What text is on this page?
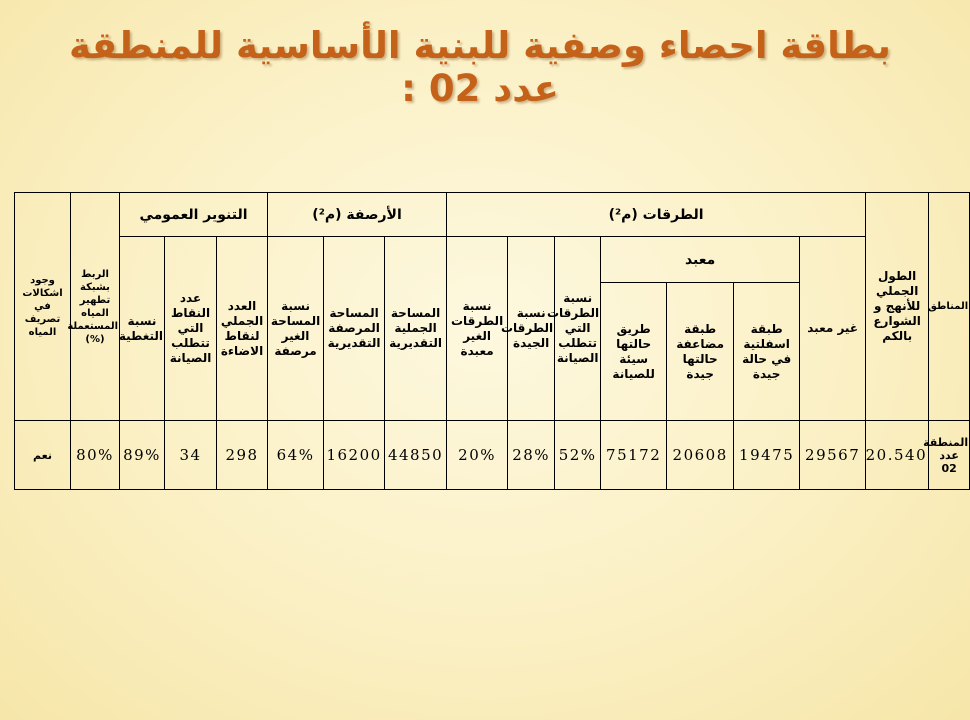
بطاقة احصاء وصفية للبنية الأساسية للمنطقة عدد 02 :
المناطق	الطول الجملي للأنهج و الشوارع بالكم	الطرقات (م²)							الأرصفة (م²)			التنوير العمومي			الربط بشبكة تطهير المياه المستعملة (%)	وجود اشكالات في تصريف المياه
		غير معبد	معبد			نسبة الطرقات التي تتطلب الصيانة	نسبة الطرقات الجيدة	نسبة الطرقات الغير معبدة	المساحة الجملية التقديرية	المساحة المرصفة التقديرية	نسبة المساحة الغير مرصفة	العدد الجملي لنقاط الاضاءة	عدد النقاط التي تتطلب الصيانة	نسبة التغطية		
			طبقة اسفلتية في حالة جيدة	طبقة مضاعفة حالتها جيدة	طريق حالتها سيئة للصيانة											
المنطقة عدد 02	20.540	29567	19475	20608	75172	52%	28%	20%	44850	16200	64%	298	34	89%	80%	نعم
